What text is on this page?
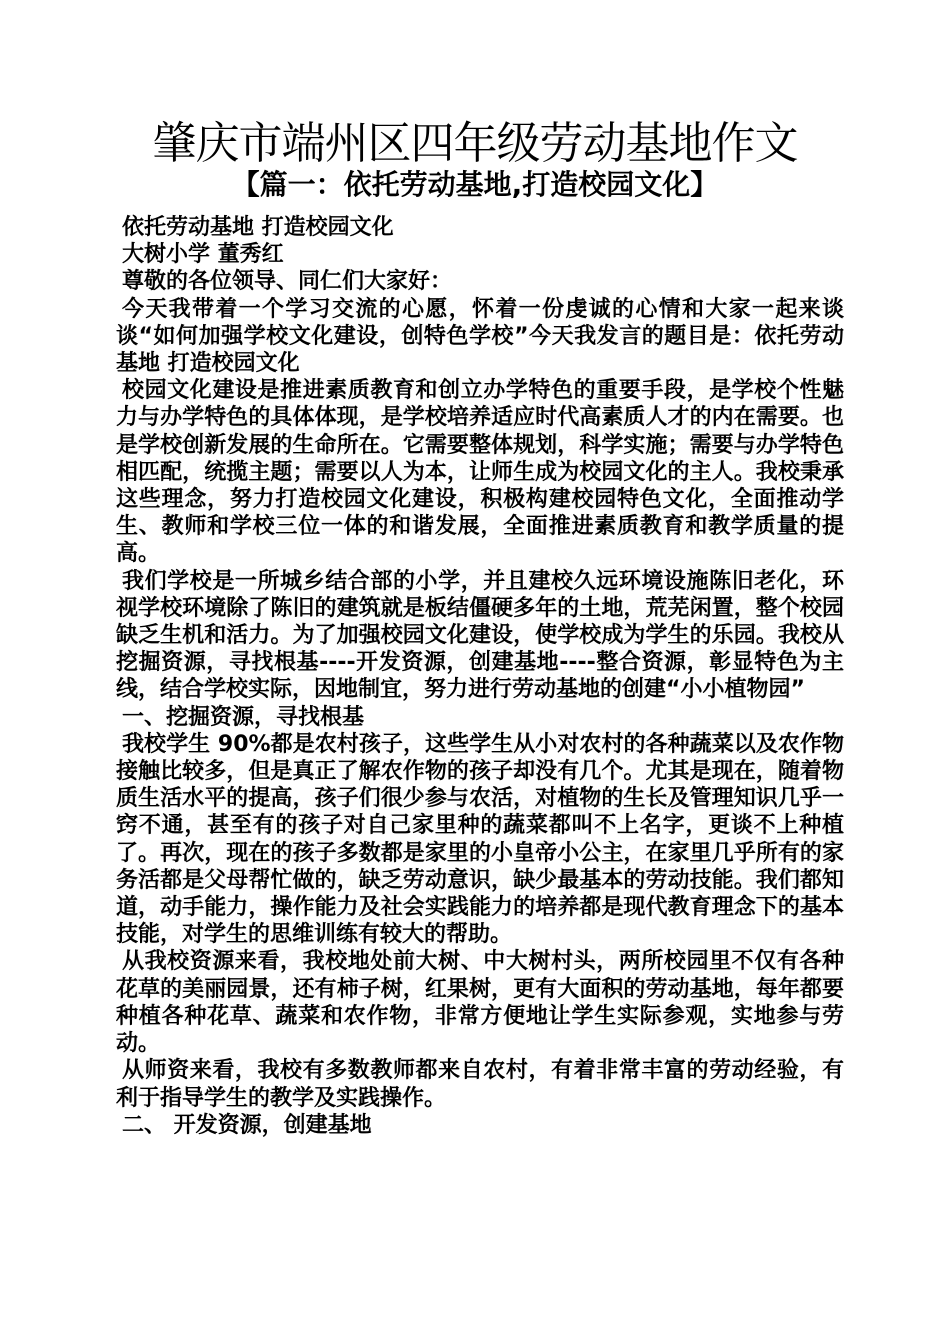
肇庆市端州区四年级劳动基地作文
【篇一：依托劳动基地,打造校园文化】

依托劳动基地 打造校园文化

大树小学 董秀红

尊敬的各位领导、同仁们大家好：

今天我带着一个学习交流的心愿，怀着一份虔诚的心情和大家一起来谈谈“如何加强学校文化建设，创特色学校”今天我发言的题目是：依托劳动基地 打造校园文化

校园文化建设是推进素质教育和创立办学特色的重要手段，是学校个性魅力与办学特色的具体体现，是学校培养适应时代高素质人才的内在需要。也是学校创新发展的生命所在。它需要整体规划，科学实施；需要与办学特色相匹配，统揽主题；需要以人为本，让师生成为校园文化的主人。我校秉承这些理念，努力打造校园文化建设，积极构建校园特色文化，全面推动学生、教师和学校三位一体的和谐发展，全面推进素质教育和教学质量的提高。

我们学校是一所城乡结合部的小学，并且建校久远环境设施陈旧老化，环视学校环境除了陈旧的建筑就是板结僵硬多年的土地，荒芜闲置，整个校园缺乏生机和活力。为了加强校园文化建设，使学校成为学生的乐园。我校从挖掘资源，寻找根基----开发资源，创建基地----整合资源，彰显特色为主线，结合学校实际，因地制宜，努力进行劳动基地的创建“小小植物园”

一、挖掘资源，寻找根基

我校学生 90%都是农村孩子，这些学生从小对农村的各种蔬菜以及农作物接触比较多，但是真正了解农作物的孩子却没有几个。尤其是现在，随着物质生活水平的提高，孩子们很少参与农活，对植物的生长及管理知识几乎一窍不通，甚至有的孩子对自己家里种的蔬菜都叫不上名字，更谈不上种植了。再次，现在的孩子多数都是家里的小皇帝小公主，在家里几乎所有的家务活都是父母帮忙做的，缺乏劳动意识，缺少最基本的劳动技能。我们都知道，动手能力，操作能力及社会实践能力的培养都是现代教育理念下的基本技能，对学生的思维训练有较大的帮助。

从我校资源来看，我校地处前大树、中大树村头，两所校园里不仅有各种花草的美丽园景，还有柿子树，红果树，更有大面积的劳动基地，每年都要种植各种花草、蔬菜和农作物，非常方便地让学生实际参观，实地参与劳动。

从师资来看，我校有多数教师都来自农村，有着非常丰富的劳动经验，有利于指导学生的教学及实践操作。

二、 开发资源，创建基地
